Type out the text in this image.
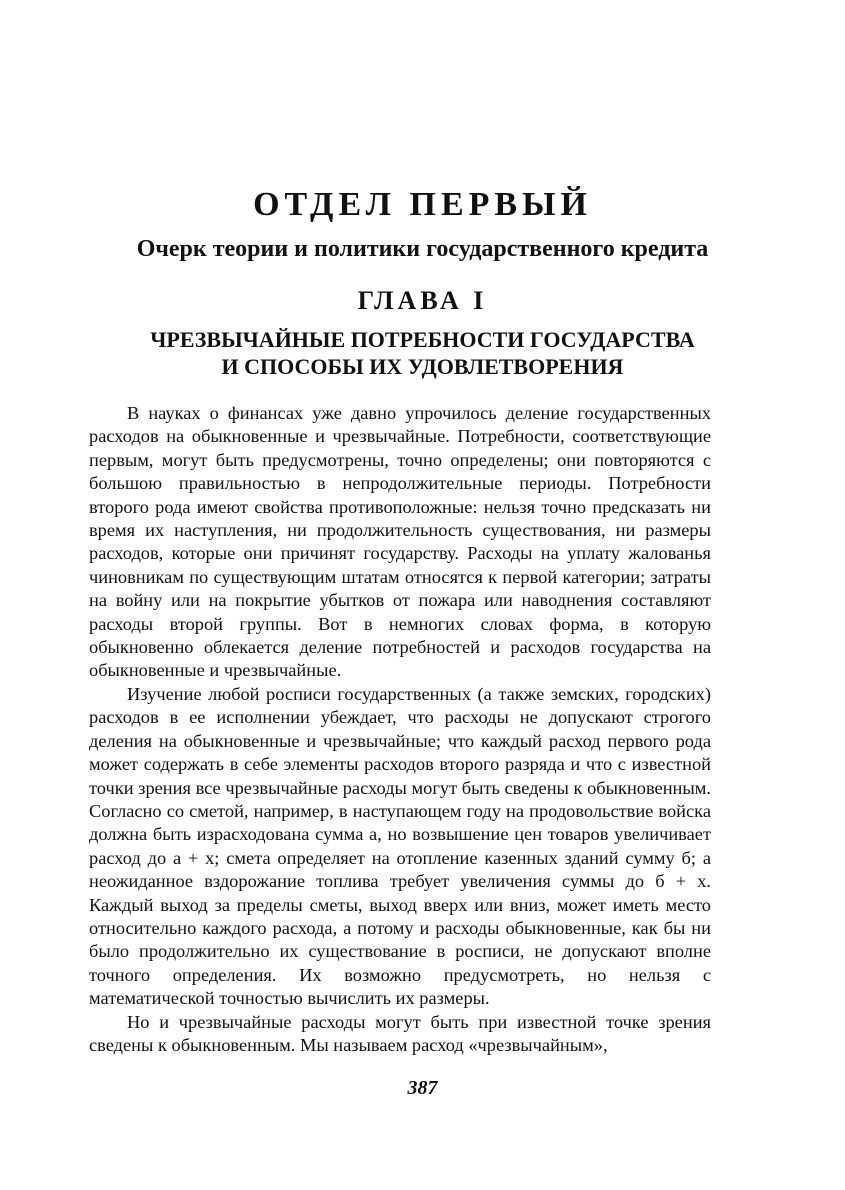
ОТДЕЛ ПЕРВЫЙ
Очерк теории и политики государственного кредита
ГЛАВА I
ЧРЕЗВЫЧАЙНЫЕ ПОТРЕБНОСТИ ГОСУДАРСТВА
И СПОСОБЫ ИХ УДОВЛЕТВОРЕНИЯ

В науках о финансах уже давно упрочилось деление государственных расходов на обыкновенные и чрезвычайные. Потребности, соответствующие первым, могут быть предусмотрены, точно определены; они повторяются с большою правильностью в непродолжительные периоды. Потребности второго рода имеют свойства противоположные: нельзя точно предсказать ни время их наступления, ни продолжительность существования, ни размеры расходов, которые они причинят государству. Расходы на уплату жалованья чиновникам по существующим штатам относятся к первой категории; затраты на войну или на покрытие убытков от пожара или наводнения составляют расходы второй группы. Вот в немногих словах форма, в которую обыкновенно облекается деление потребностей и расходов государства на обыкновенные и чрезвычайные.

Изучение любой росписи государственных (а также земских, городских) расходов в ее исполнении убеждает, что расходы не допускают строгого деления на обыкновенные и чрезвычайные; что каждый расход первого рода может содержать в себе элементы расходов второго разряда и что с известной точки зрения все чрезвычайные расходы могут быть сведены к обыкновенным. Согласно со сметой, например, в наступающем году на продовольствие войска должна быть израсходована сумма a, но возвышение цен товаров увеличивает расход до a + x; смета определяет на отопление казенных зданий сумму б; а неожиданное вздорожание топлива требует увеличения суммы до б + x. Каждый выход за пределы сметы, выход вверх или вниз, может иметь место относительно каждого расхода, а потому и расходы обыкновенные, как бы ни было продолжительно их существование в росписи, не допускают вполне точного определения. Их возможно предусмотреть, но нельзя с математической точностью вычислить их размеры.

Но и чрезвычайные расходы могут быть при известной точке зрения сведены к обыкновенным. Мы называем расход «чрезвычайным»,

387
